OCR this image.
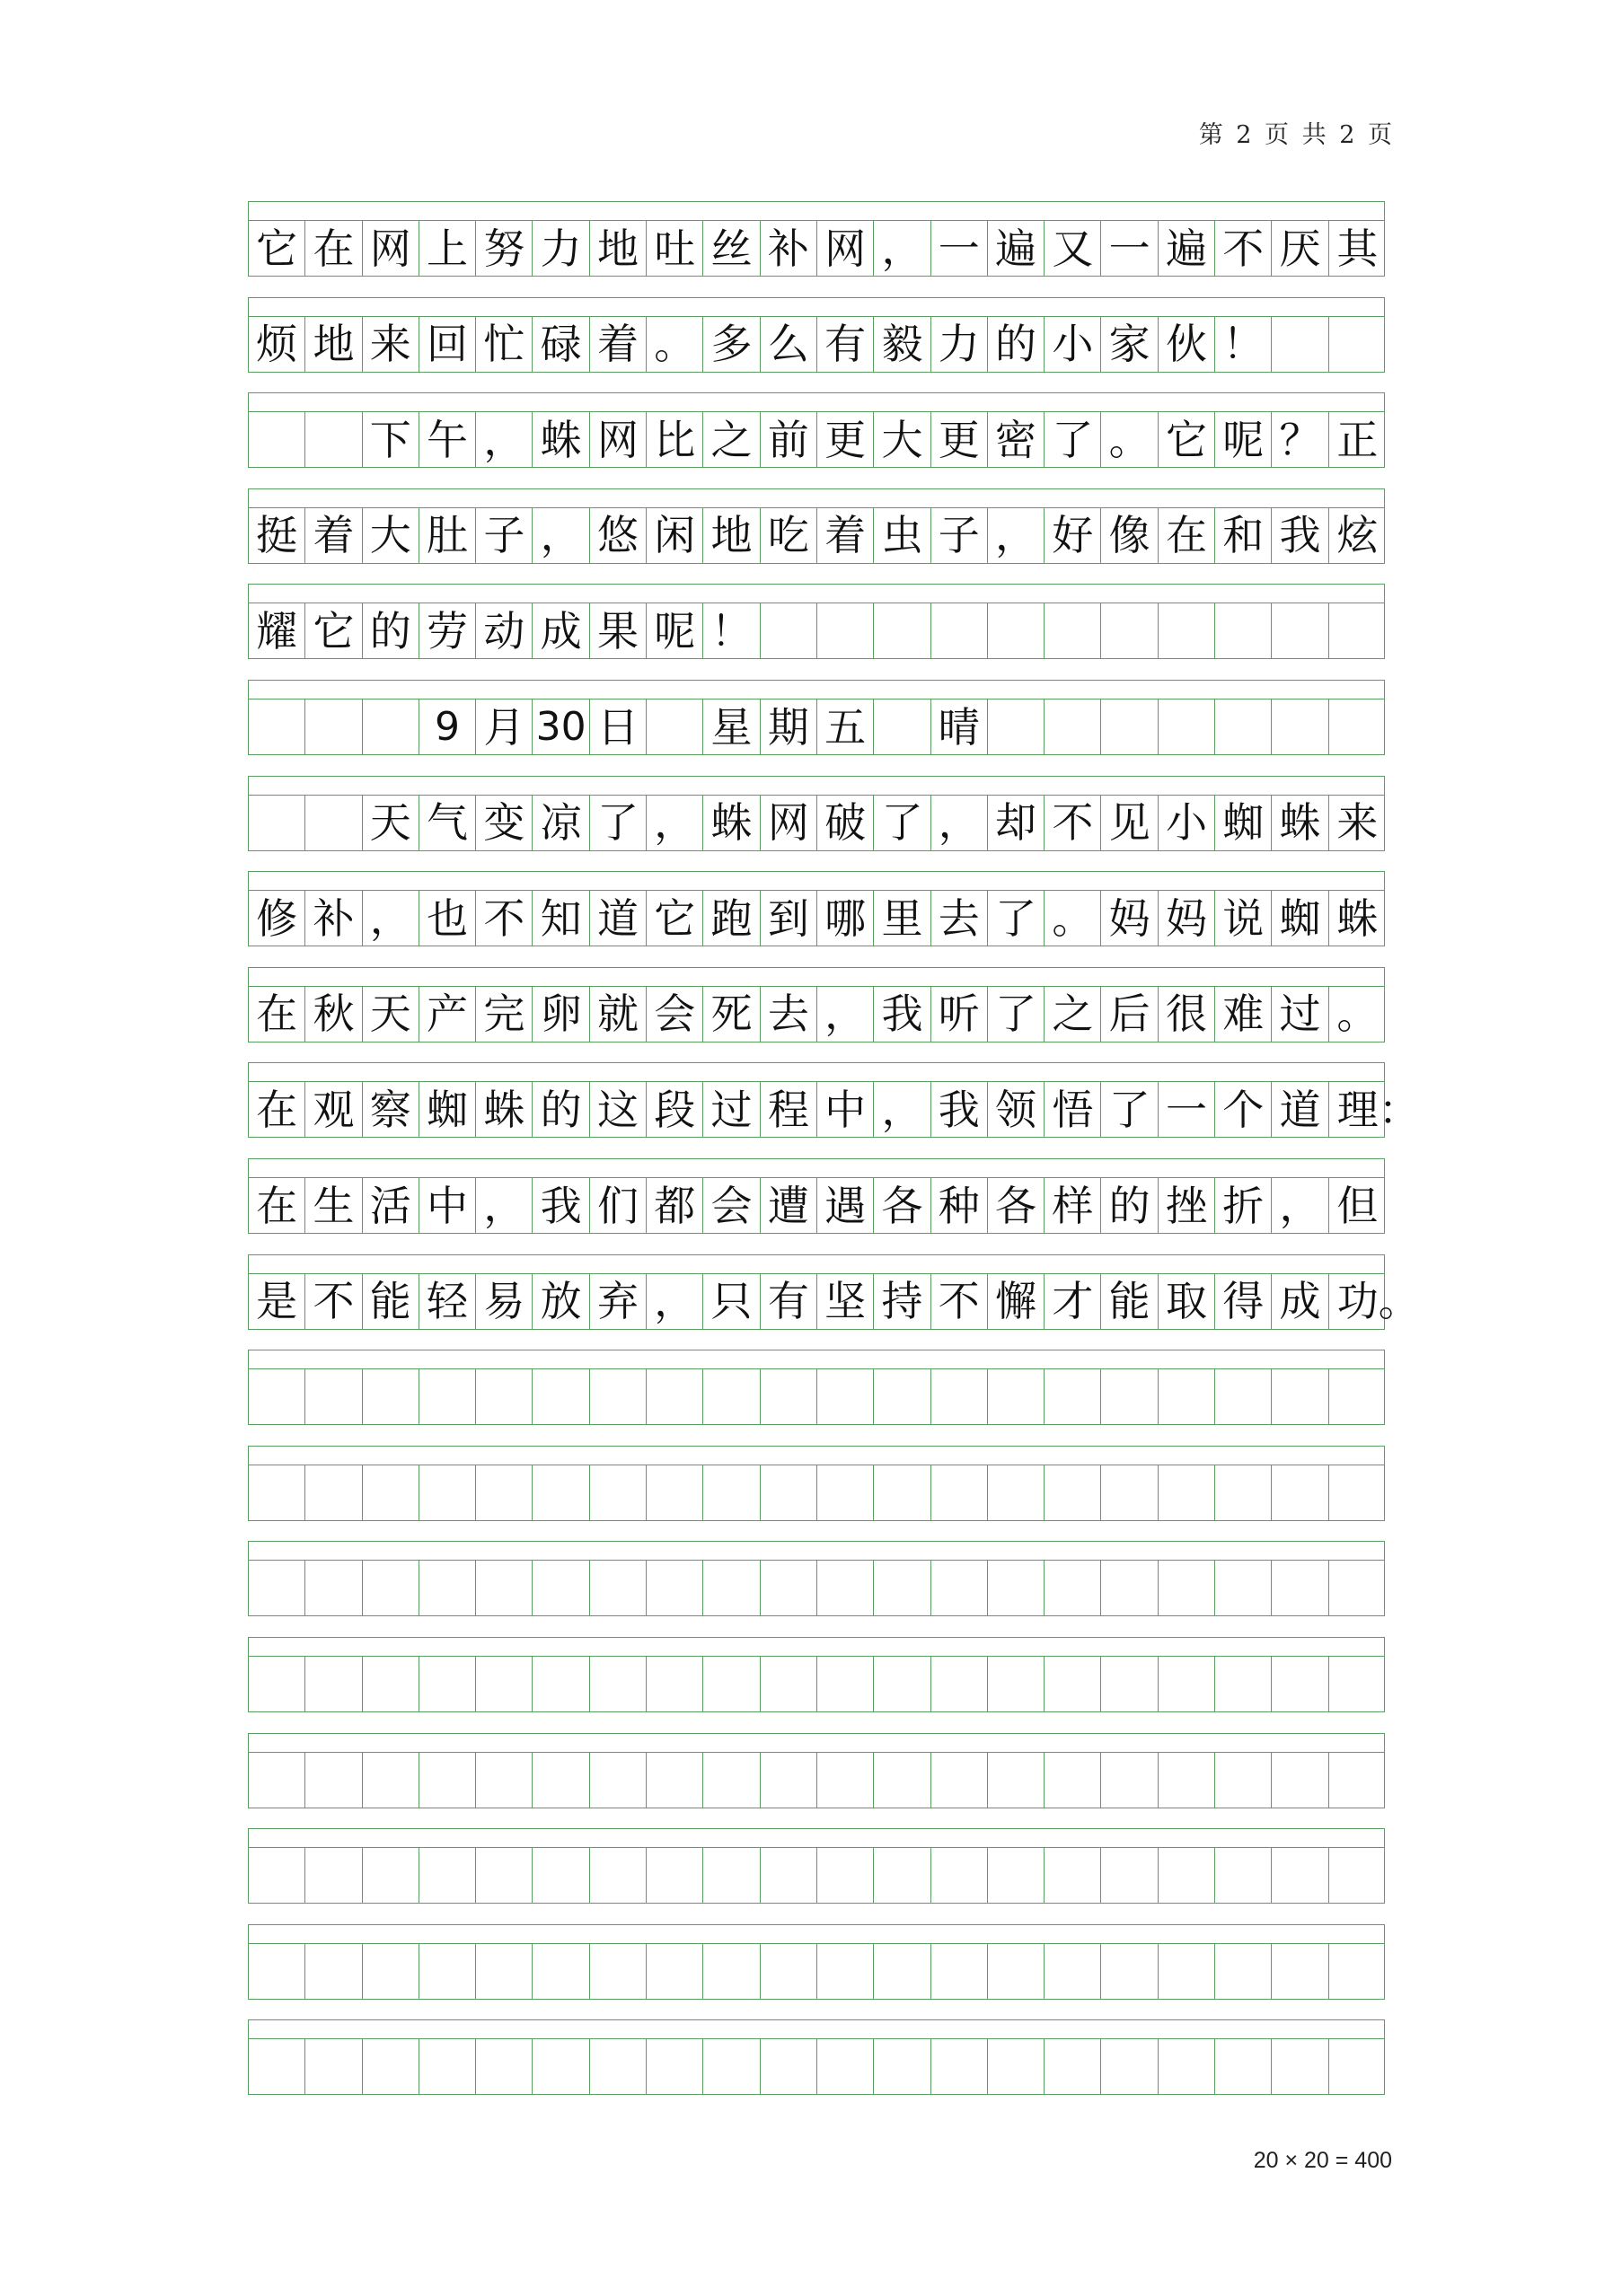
第 2 页 共 2 页
它 在 网 上 努 力 地 吐 丝 补 网 ， 一 遍 又 一 遍 不 厌 其
烦 地 来 回 忙 碌 着 。 多 么 有 毅 力 的 小 家 伙 ！
下 午 ， 蛛 网 比 之 前 更 大 更 密 了 。 它 呢 ？ 正
挺 着 大 肚 子 ， 悠 闲 地 吃 着 虫 子 ， 好 像 在 和 我 炫
耀 它 的 劳 动 成 果 呢 ！
9 月 30 日 星 期 五 晴
天 气 变 凉 了 ， 蛛 网 破 了 ， 却 不 见 小 蜘 蛛 来
修 补 ， 也 不 知 道 它 跑 到 哪 里 去 了 。 妈 妈 说 蜘 蛛
在 秋 天 产 完 卵 就 会 死 去 ， 我 听 了 之 后 很 难 过 。
在 观 察 蜘 蛛 的 这 段 过 程 中 ， 我 领 悟 了 一 个 道 理：
在 生 活 中 ， 我 们 都 会 遭 遇 各 种 各 样 的 挫 折 ， 但
是 不 能 轻 易 放 弃 ， 只 有 坚 持 不 懈 才 能 取 得 成 功。
20 × 20 = 400
